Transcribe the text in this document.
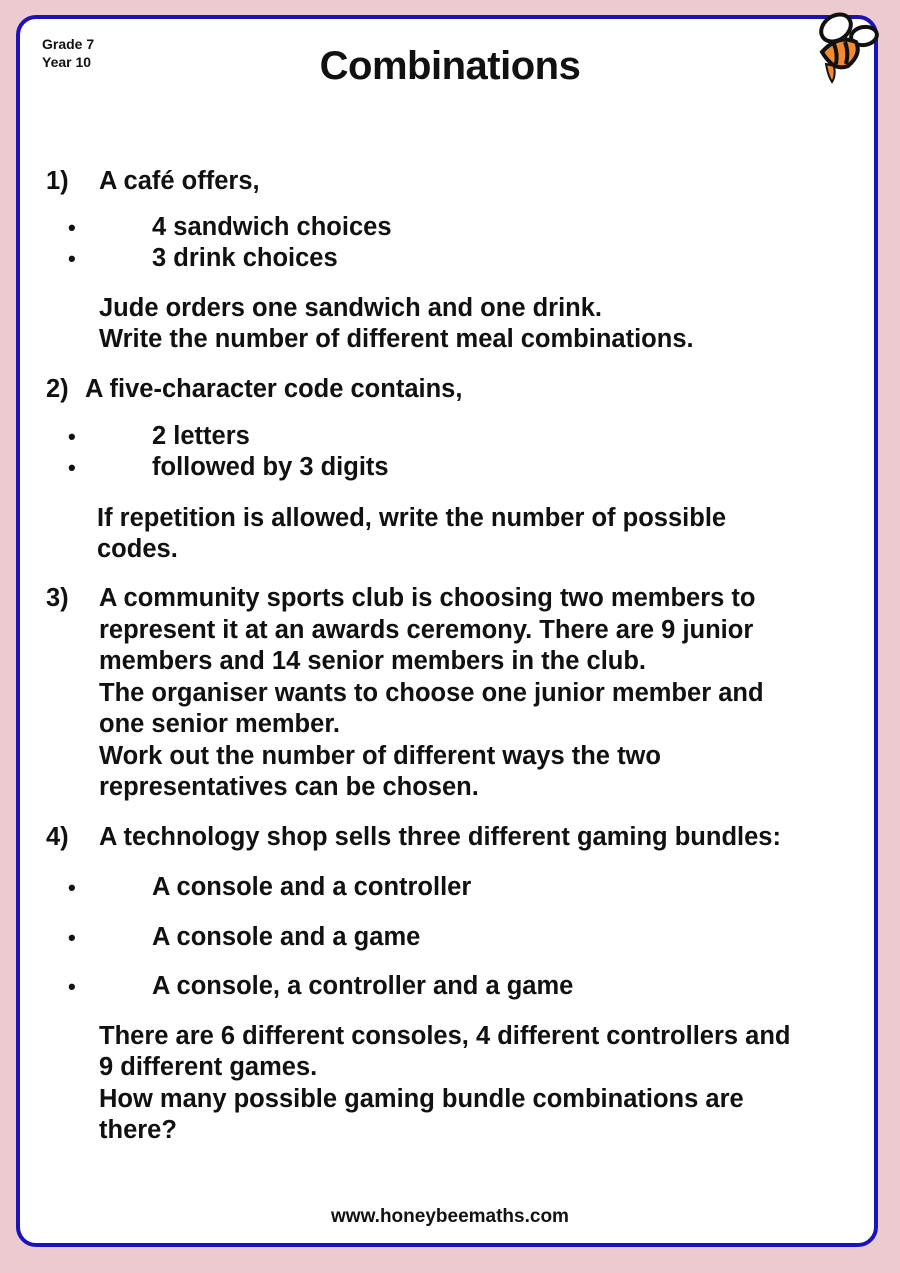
Grade 7
Year 10	Combinations
1) A café offers,
•	4 sandwich choices
•	3 drink choices
Jude orders one sandwich and one drink.
Write the number of different meal combinations.
2) A five-character code contains,
•	2 letters
•	followed by 3 digits
If repetition is allowed, write the number of possible
codes.
3) A community sports club is choosing two members to
represent it at an awards ceremony. There are 9 junior
members and 14 senior members in the club.
The organiser wants to choose one junior member and
one senior member.
Work out the number of different ways the two
representatives can be chosen.
4) A technology shop sells three different gaming bundles:
•	A console and a controller
•	A console and a game
•	A console, a controller and a game
There are 6 different consoles, 4 different controllers and
9 different games.
How many possible gaming bundle combinations are
there?
www.honeybeemaths.com
